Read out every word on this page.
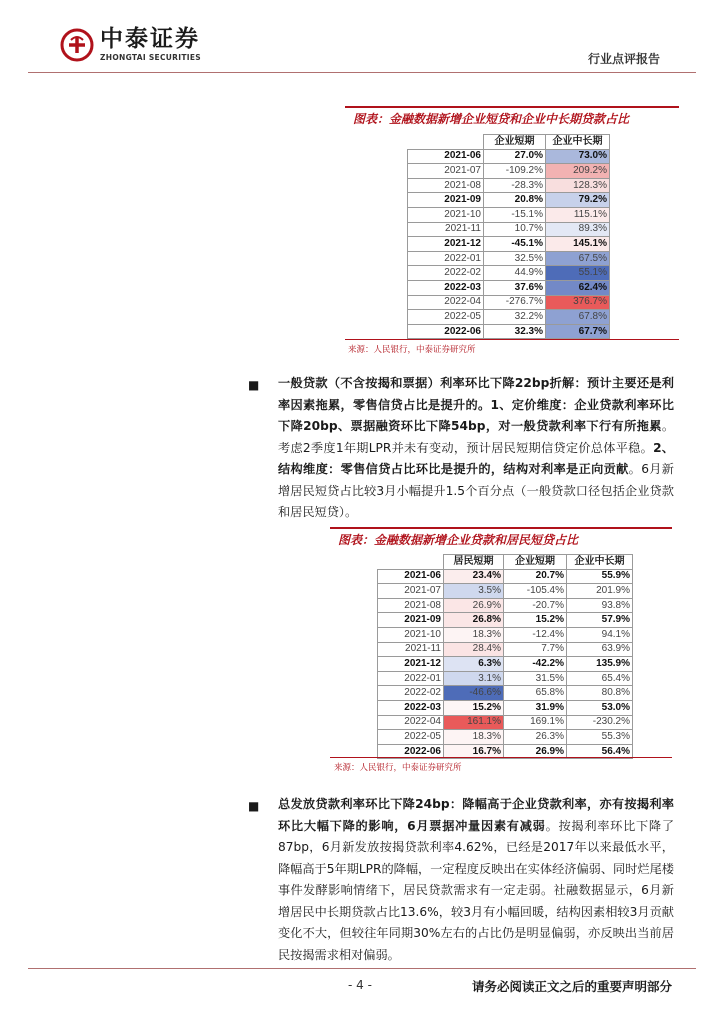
中泰证券
ZHONGTAI SECURITIES	行业点评报告
图表：金融数据新增企业短贷和企业中长期贷款占比
	企业短期	企业中长期
2021-06	27.0%	73.0%
2021-07	-109.2%	209.2%
2021-08	-28.3%	128.3%
2021-09	20.8%	79.2%
2021-10	-15.1%	115.1%
2021-11	10.7%	89.3%
2021-12	-45.1%	145.1%
2022-01	32.5%	67.5%
2022-02	44.9%	55.1%
2022-03	37.6%	62.4%
2022-04	-276.7%	376.7%
2022-05	32.2%	67.8%
2022-06	32.3%	67.7%
来源：人民银行，中泰证券研究所
■ 一般贷款（不含按揭和票据）利率环比下降22bp折解：预计主要还是利率因素拖累，零售信贷占比是提升的。1、定价维度：企业贷款利率环比下降20bp、票据融资环比下降54bp，对一般贷款利率下行有所拖累。考虑2季度1年期LPR并未有变动，预计居民短期信贷定价总体平稳。2、结构维度：零售信贷占比环比是提升的，结构对利率是正向贡献。6月新增居民短贷占比较3月小幅提升1.5个百分点（一般贷款口径包括企业贷款和居民短贷）。
图表：金融数据新增企业贷款和居民短贷占比
	居民短期	企业短期	企业中长期
2021-06	23.4%	20.7%	55.9%
2021-07	3.5%	-105.4%	201.9%
2021-08	26.9%	-20.7%	93.8%
2021-09	26.8%	15.2%	57.9%
2021-10	18.3%	-12.4%	94.1%
2021-11	28.4%	7.7%	63.9%
2021-12	6.3%	-42.2%	135.9%
2022-01	3.1%	31.5%	65.4%
2022-02	-46.6%	65.8%	80.8%
2022-03	15.2%	31.9%	53.0%
2022-04	161.1%	169.1%	-230.2%
2022-05	18.3%	26.3%	55.3%
2022-06	16.7%	26.9%	56.4%
来源：人民银行，中泰证券研究所
■ 总发放贷款利率环比下降24bp：降幅高于企业贷款利率，亦有按揭利率环比大幅下降的影响，6月票据冲量因素有减弱。按揭利率环比下降了87bp，6月新发放按揭贷款利率4.62%，已经是2017年以来最低水平，降幅高于5年期LPR的降幅，一定程度反映出在实体经济偏弱、同时烂尾楼事件发酵影响情绪下，居民贷款需求有一定走弱。社融数据显示，6月新增居民中长期贷款占比13.6%，较3月有小幅回暖，结构因素相较3月贡献变化不大，但较往年同期30%左右的占比仍是明显偏弱，亦反映出当前居民按揭需求相对偏弱。
- 4 -	请务必阅读正文之后的重要声明部分
